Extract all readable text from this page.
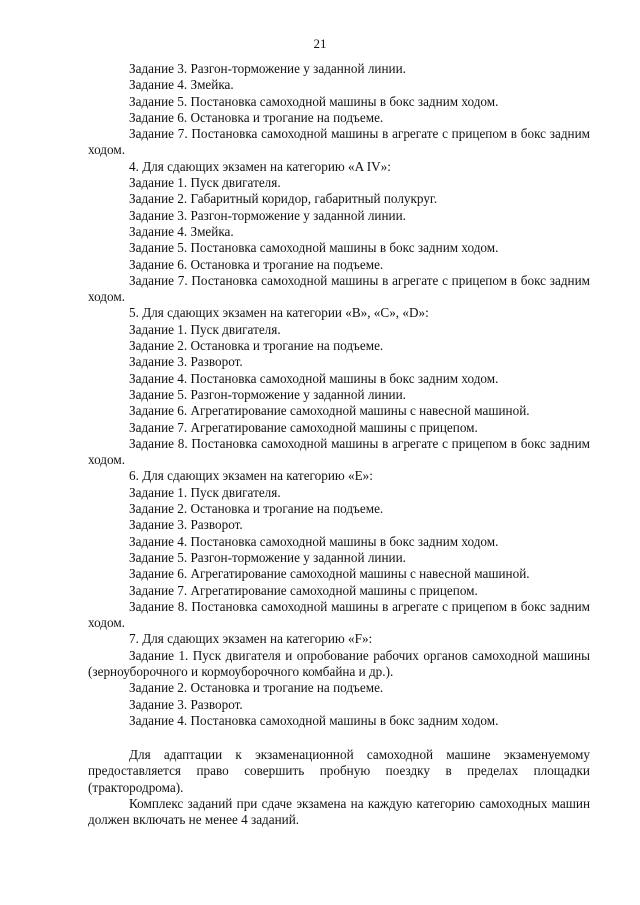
21

Задание 3. Разгон-торможение у заданной линии.

Задание 4. Змейка.

Задание 5. Постановка самоходной машины в бокс задним ходом.

Задание 6. Остановка и трогание на подъеме.

Задание 7. Постановка самоходной машины в агрегате с прицепом в бокс задним ходом.

4. Для сдающих экзамен на категорию «A IV»:

Задание 1. Пуск двигателя.

Задание 2. Габаритный коридор, габаритный полукруг.

Задание 3. Разгон-торможение у заданной линии.

Задание 4. Змейка.

Задание 5. Постановка самоходной машины в бокс задним ходом.

Задание 6. Остановка и трогание на подъеме.

Задание 7. Постановка самоходной машины в агрегате с прицепом в бокс задним ходом.

5. Для сдающих экзамен на категории «B», «C», «D»:

Задание 1. Пуск двигателя.

Задание 2. Остановка и трогание на подъеме.

Задание 3. Разворот.

Задание 4. Постановка самоходной машины в бокс задним ходом.

Задание 5. Разгон-торможение у заданной линии.

Задание 6. Агрегатирование самоходной машины с навесной машиной.

Задание 7. Агрегатирование самоходной машины с прицепом.

Задание 8. Постановка самоходной машины в агрегате с прицепом в бокс задним ходом.

6. Для сдающих экзамен на категорию «E»:

Задание 1. Пуск двигателя.

Задание 2. Остановка и трогание на подъеме.

Задание 3. Разворот.

Задание 4. Постановка самоходной машины в бокс задним ходом.

Задание 5. Разгон-торможение у заданной линии.

Задание 6. Агрегатирование самоходной машины с навесной машиной.

Задание 7. Агрегатирование самоходной машины с прицепом.

Задание 8. Постановка самоходной машины в агрегате с прицепом в бокс задним ходом.

7. Для сдающих экзамен на категорию «F»:

Задание 1. Пуск двигателя и опробование рабочих органов самоходной машины (зерноуборочного и кормоуборочного комбайна и др.).

Задание 2. Остановка и трогание на подъеме.

Задание 3. Разворот.

Задание 4. Постановка самоходной машины в бокс задним ходом.

Для адаптации к экзаменационной самоходной машине экзаменуемому предоставляется право совершить пробную поездку в пределах площадки (трактородрома).

Комплекс заданий при сдаче экзамена на каждую категорию самоходных машин должен включать не менее 4 заданий.
